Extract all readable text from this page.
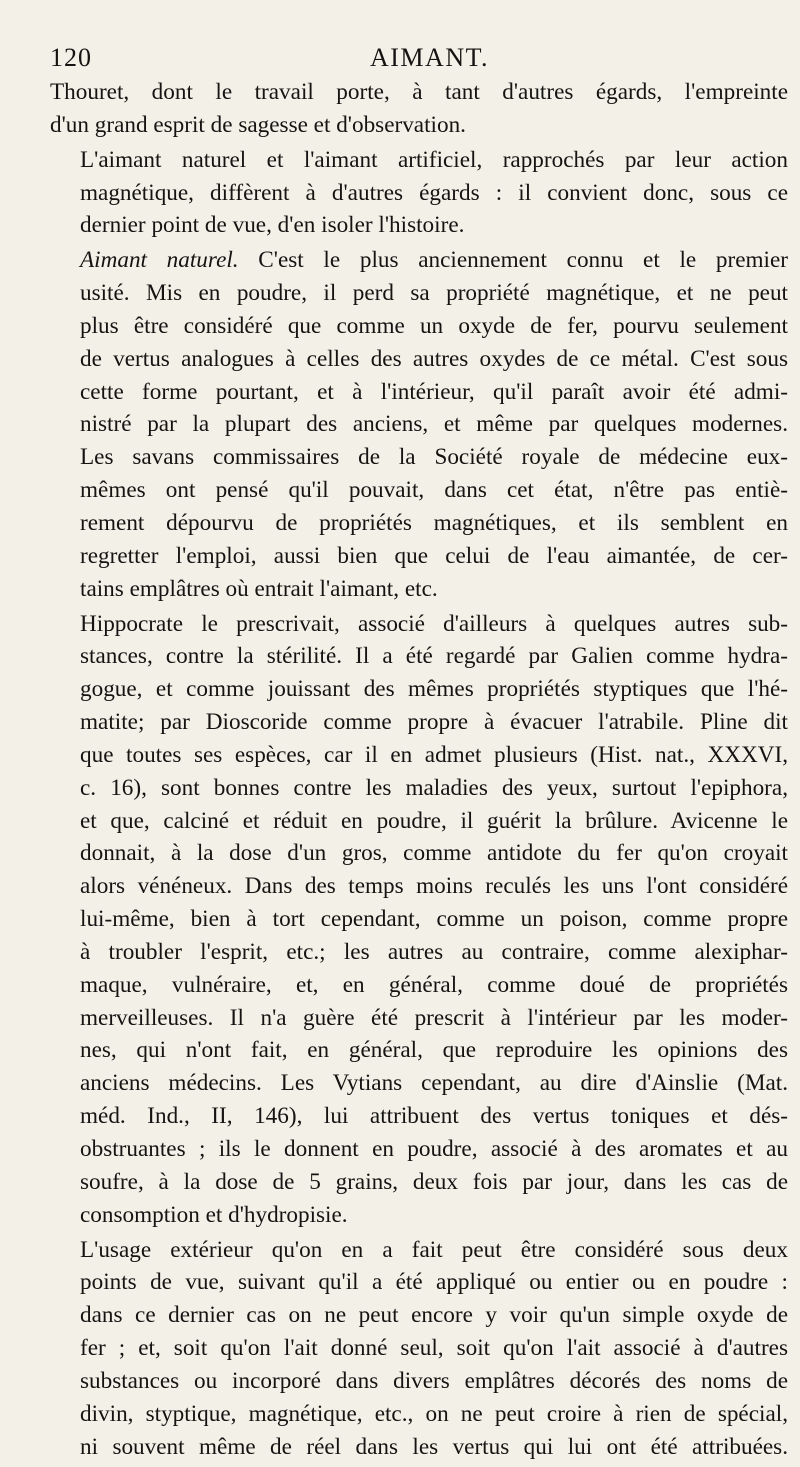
120	AIMANT.

Thouret, dont le travail porte, à tant d'autres égards, l'empreinte
d'un grand esprit de sagesse et d'observation.

L'aimant naturel et l'aimant artificiel, rapprochés par leur action
magnétique, diffèrent à d'autres égards : il convient donc, sous ce
dernier point de vue, d'en isoler l'histoire.

Aimant naturel. C'est le plus anciennement connu et le premier
usité. Mis en poudre, il perd sa propriété magnétique, et ne peut
plus être considéré que comme un oxyde de fer, pourvu seulement
de vertus analogues à celles des autres oxydes de ce métal. C'est sous
cette forme pourtant, et à l'intérieur, qu'il paraît avoir été admi-
nistré par la plupart des anciens, et même par quelques modernes.
Les savans commissaires de la Société royale de médecine eux-
mêmes ont pensé qu'il pouvait, dans cet état, n'être pas entiè-
rement dépourvu de propriétés magnétiques, et ils semblent en
regretter l'emploi, aussi bien que celui de l'eau aimantée, de cer-
tains emplâtres où entrait l'aimant, etc.

Hippocrate le prescrivait, associé d'ailleurs à quelques autres sub-
stances, contre la stérilité. Il a été regardé par Galien comme hydra-
gogue, et comme jouissant des mêmes propriétés styptiques que l'hé-
matite; par Dioscoride comme propre à évacuer l'atrabile. Pline dit
que toutes ses espèces, car il en admet plusieurs (Hist. nat., XXXVI,
c. 16), sont bonnes contre les maladies des yeux, surtout l'epiphora,
et que, calciné et réduit en poudre, il guérit la brûlure. Avicenne le
donnait, à la dose d'un gros, comme antidote du fer qu'on croyait
alors vénéneux. Dans des temps moins reculés les uns l'ont considéré
lui-même, bien à tort cependant, comme un poison, comme propre
à troubler l'esprit, etc.; les autres au contraire, comme alexiphar-
maque, vulnéraire, et, en général, comme doué de propriétés
merveilleuses. Il n'a guère été prescrit à l'intérieur par les moder-
nes, qui n'ont fait, en général, que reproduire les opinions des
anciens médecins. Les Vytians cependant, au dire d'Ainslie (Mat.
méd. Ind., II, 146), lui attribuent des vertus toniques et dés-
obstruantes ; ils le donnent en poudre, associé à des aromates et au
soufre, à la dose de 5 grains, deux fois par jour, dans les cas de
consomption et d'hydropisie.

L'usage extérieur qu'on en a fait peut être considéré sous deux
points de vue, suivant qu'il a été appliqué ou entier ou en poudre :
dans ce dernier cas on ne peut encore y voir qu'un simple oxyde de
fer ; et, soit qu'on l'ait donné seul, soit qu'on l'ait associé à d'autres
substances ou incorporé dans divers emplâtres décorés des noms de
divin, styptique, magnétique, etc., on ne peut croire à rien de spécial,
ni souvent même de réel dans les vertus qui lui ont été attribuées.
